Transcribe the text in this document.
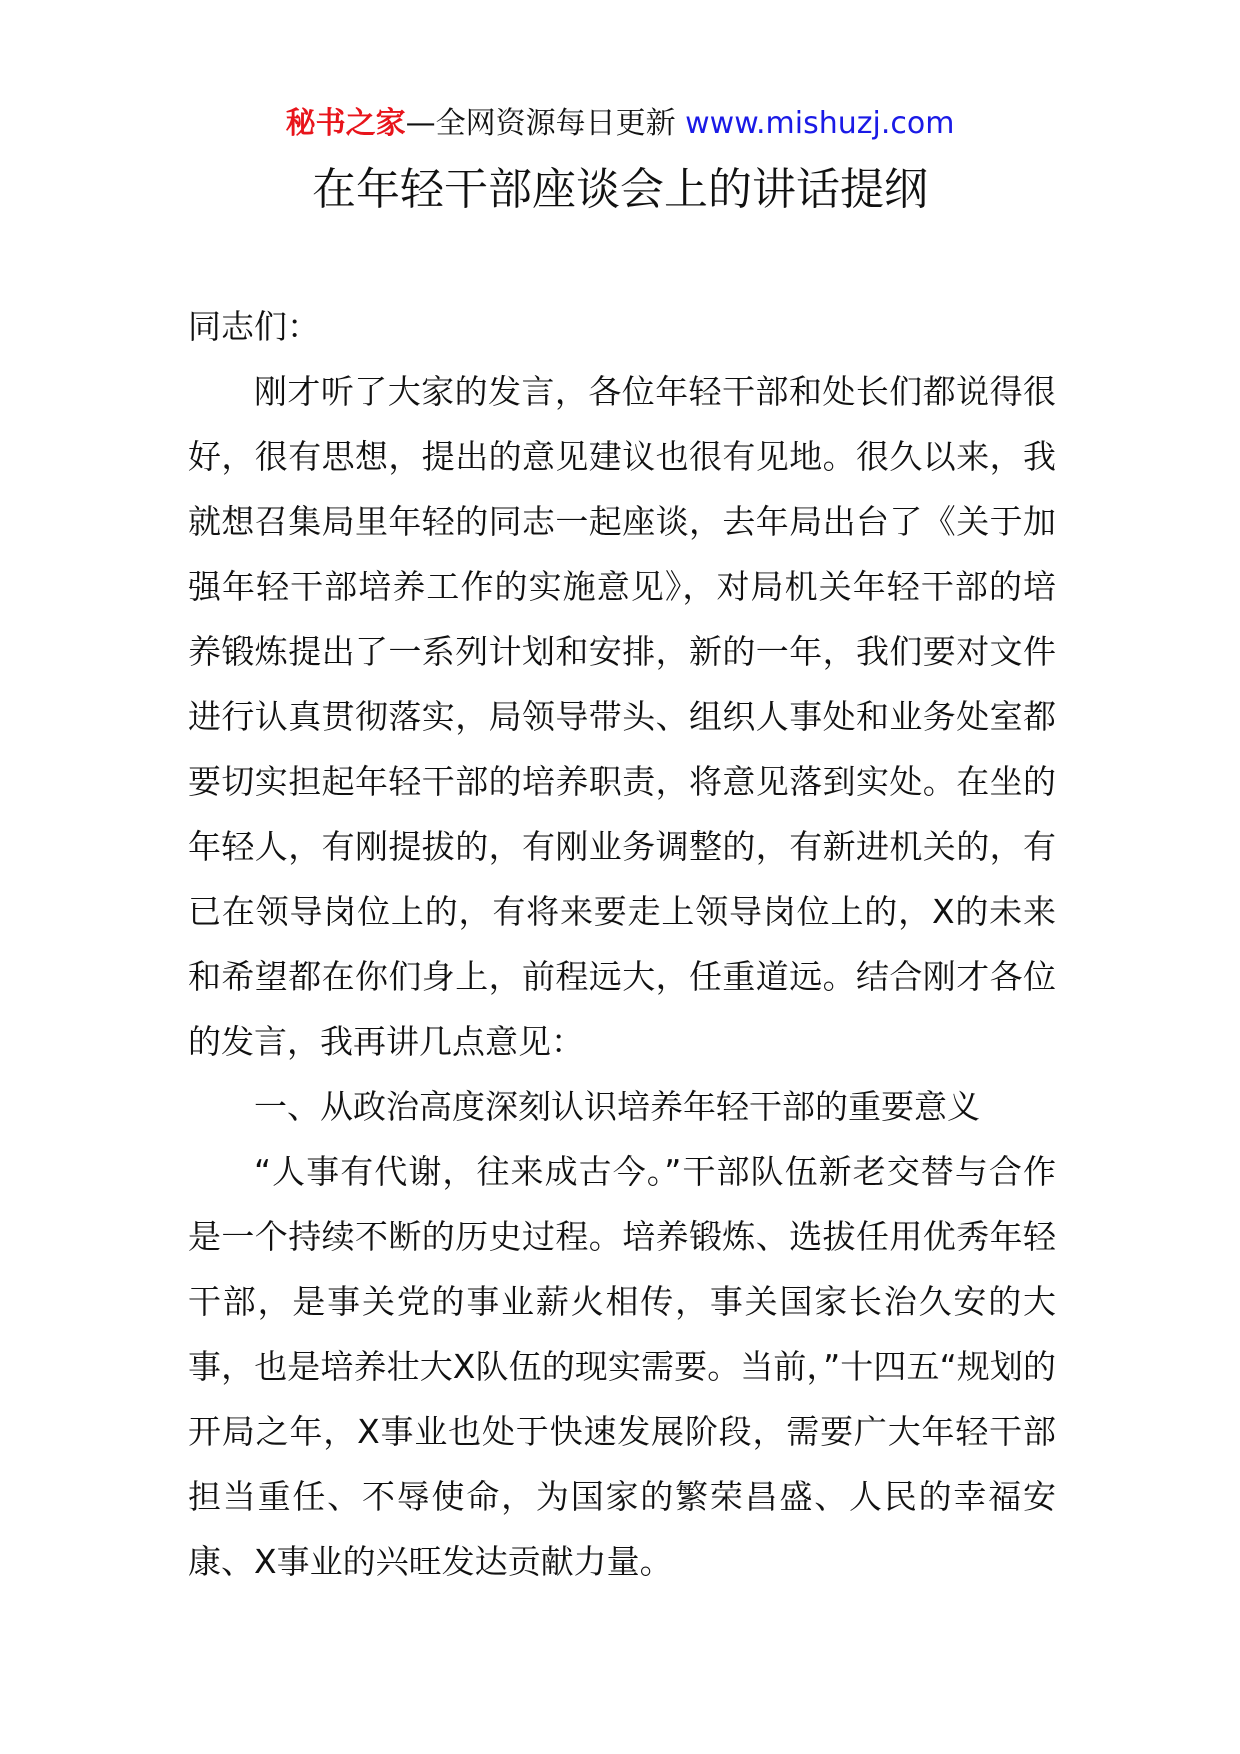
秘书之家—全网资源每日更新 www.mishuzj.com
在年轻干部座谈会上的讲话提纲

同志们：

刚才听了大家的发言，各位年轻干部和处长们都说得很好，很有思想，提出的意见建议也很有见地。很久以来，我就想召集局里年轻的同志一起座谈，去年局出台了《关于加强年轻干部培养工作的实施意见》，对局机关年轻干部的培养锻炼提出了一系列计划和安排，新的一年，我们要对文件进行认真贯彻落实，局领导带头、组织人事处和业务处室都要切实担起年轻干部的培养职责，将意见落到实处。在坐的年轻人，有刚提拔的，有刚业务调整的，有新进机关的，有已在领导岗位上的，有将来要走上领导岗位上的，X的未来和希望都在你们身上，前程远大，任重道远。结合刚才各位的发言，我再讲几点意见：

一、从政治高度深刻认识培养年轻干部的重要意义

“人事有代谢，往来成古今。”干部队伍新老交替与合作是一个持续不断的历史过程。培养锻炼、选拔任用优秀年轻干部，是事关党的事业薪火相传，事关国家长治久安的大事，也是培养壮大X队伍的现实需要。当前，”十四五“规划的开局之年，X事业也处于快速发展阶段，需要广大年轻干部担当重任、不辱使命，为国家的繁荣昌盛、人民的幸福安康、X事业的兴旺发达贡献力量。
